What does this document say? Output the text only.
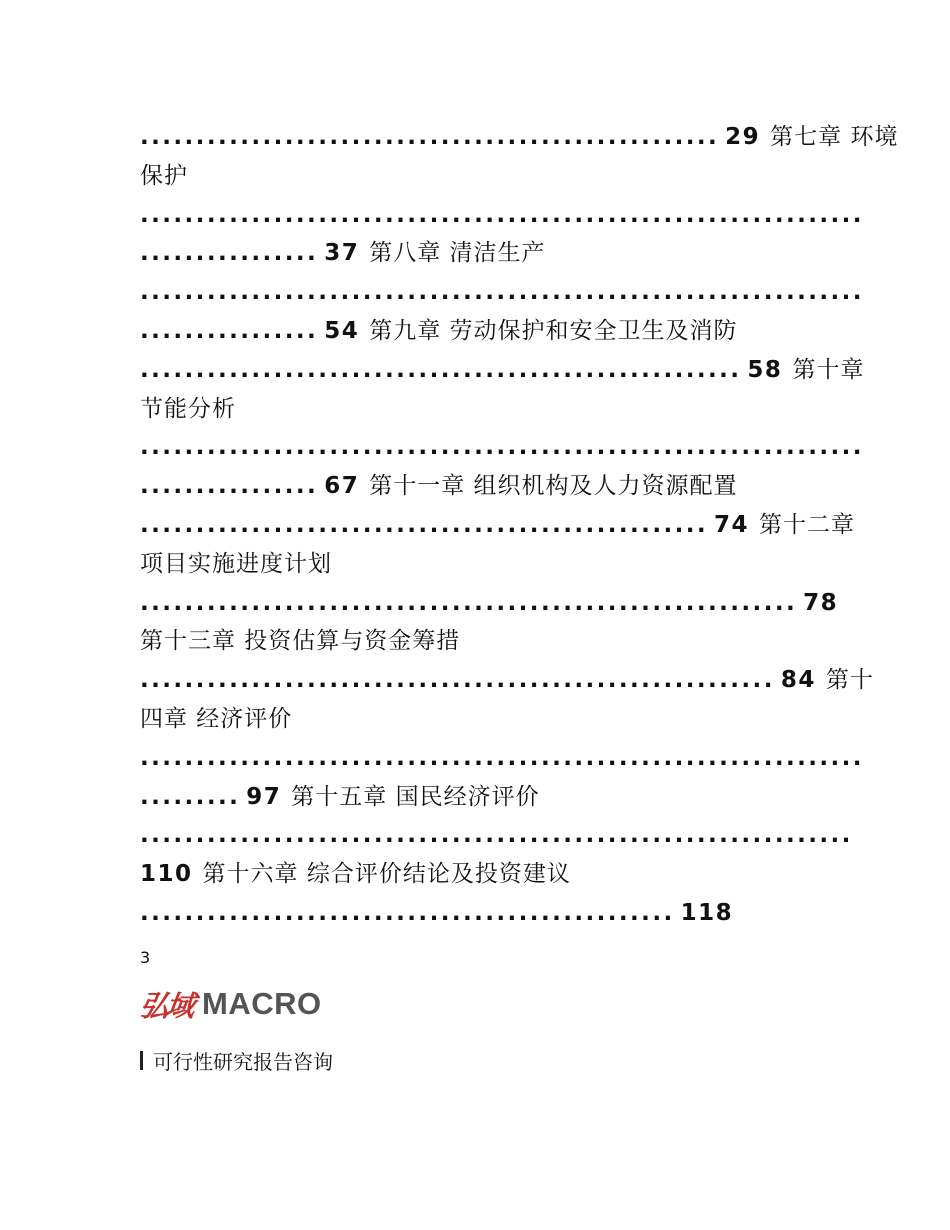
.................................................... 29 第七章 环境
保护
.................................................................
................ 37 第八章 清洁生产
.................................................................
................ 54 第九章 劳动保护和安全卫生及消防
...................................................... 58 第十章
节能分析
.................................................................
................ 67 第十一章 组织机构及人力资源配置
................................................... 74 第十二章
项目实施进度计划
........................................................... 78
第十三章 投资估算与资金筹措
......................................................... 84 第十
四章 经济评价
.................................................................
......... 97 第十五章 国民经济评价
................................................................
110 第十六章 综合评价结论及投资建议
................................................ 118
3
弘域 MACRO
可行性研究报告咨询
